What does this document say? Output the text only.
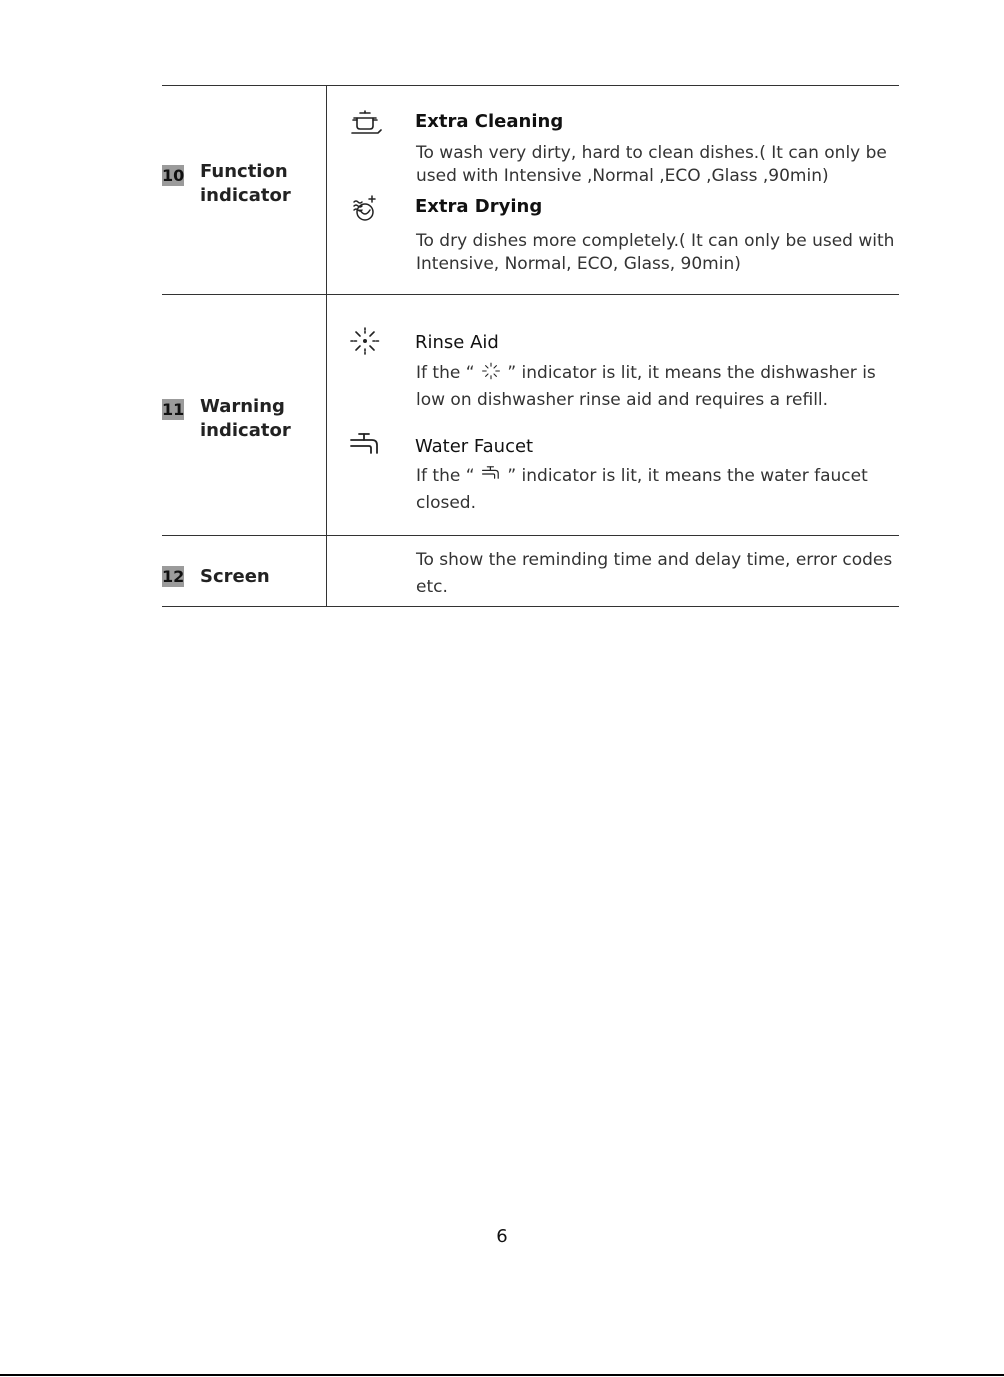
10 Function
indicator
Extra Cleaning
To wash very dirty, hard to clean dishes.( It can only be
used with Intensive ,Normal ,ECO ,Glass ,90min)
Extra Drying
To dry dishes more completely.( It can only be used with
Intensive, Normal, ECO, Glass, 90min)
11 Warning
indicator
Rinse Aid
If the “ ” indicator is lit, it means the dishwasher is
low on dishwasher rinse aid and requires a refill.
Water Faucet
If the “ ” indicator is lit, it means the water faucet
closed.
12 Screen
To show the reminding time and delay time, error codes
etc.
6
